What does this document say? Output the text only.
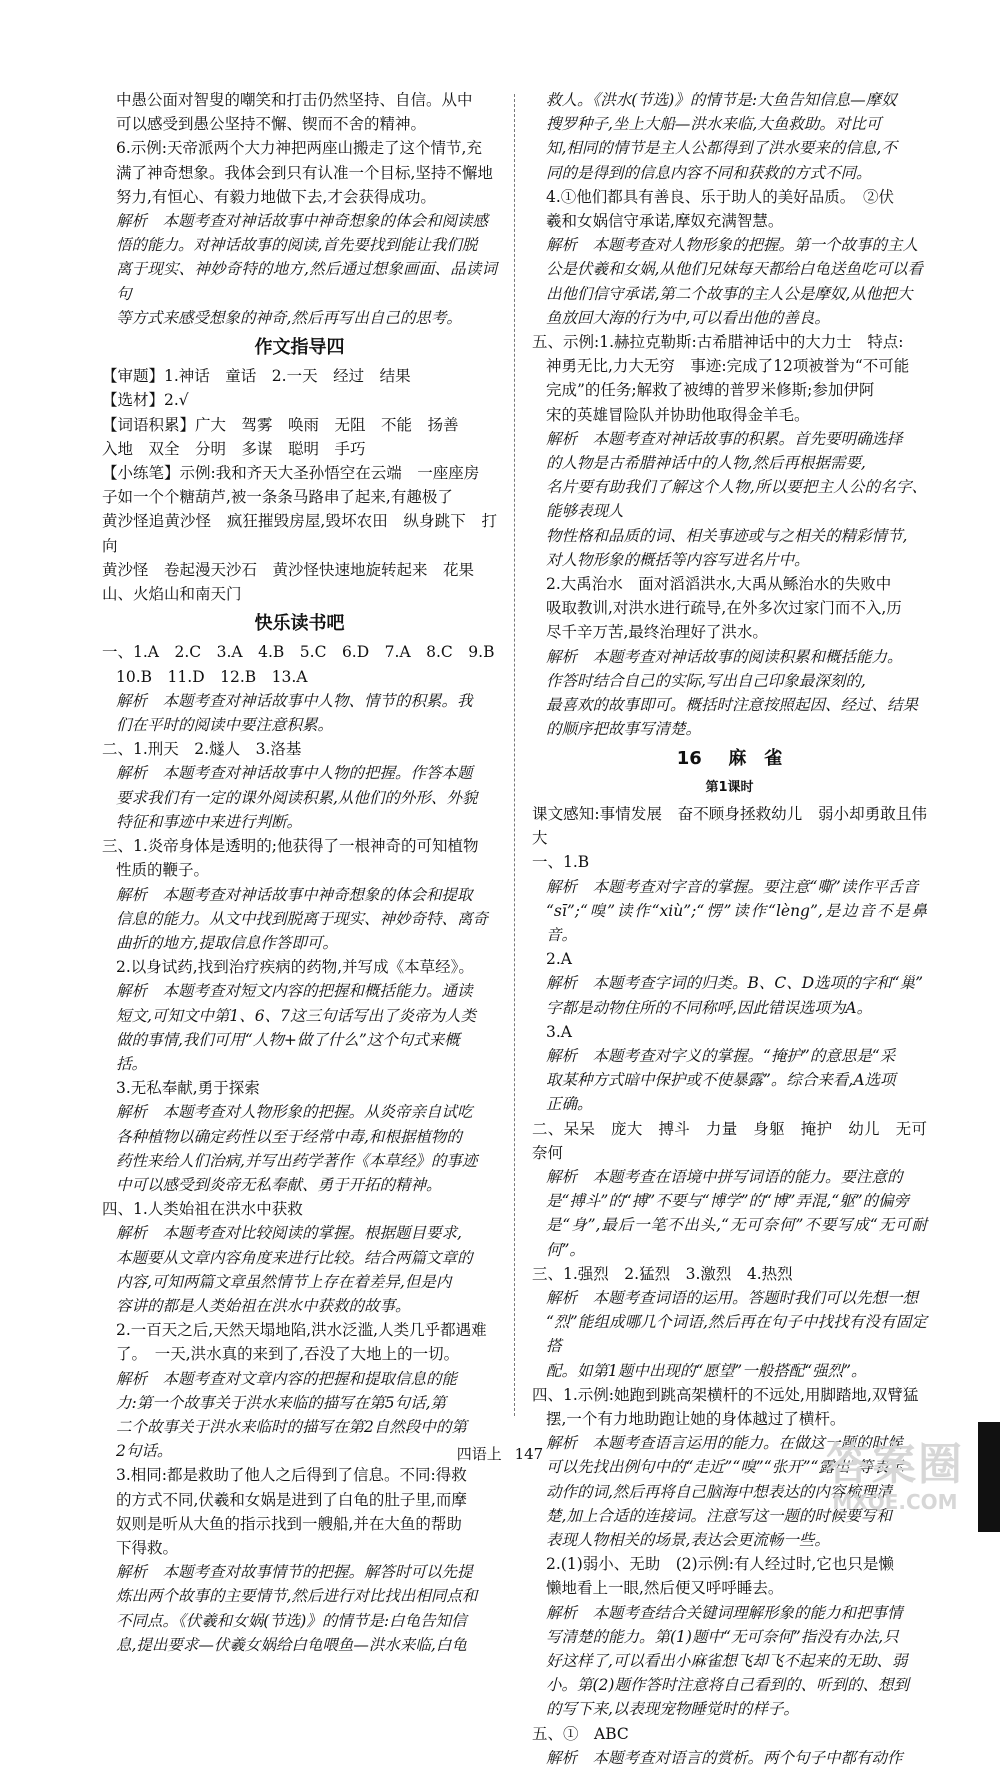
中愚公面对智叟的嘲笑和打击仍然坚持、自信。从中

可以感受到愚公坚持不懈、锲而不舍的精神。

6.示例:天帝派两个大力神把两座山搬走了这个情节,充

满了神奇想象。我体会到只有认准一个目标,坚持不懈地

努力,有恒心、有毅力地做下去,才会获得成功。

解析　本题考查对神话故事中神奇想象的体会和阅读感

悟的能力。对神话故事的阅读,首先要找到能让我们脱

离于现实、神妙奇特的地方,然后通过想象画面、品读词句

等方式来感受想象的神奇,然后再写出自己的思考。

作文指导四

【审题】1.神话　童话　2.一天　经过　结果

【选材】2.√

【词语积累】广大　驾雾　唤雨　无阻　不能　扬善

入地　双全　分明　多谋　聪明　手巧

【小练笔】示例:我和齐天大圣孙悟空在云端　一座座房

子如一个个糖葫芦,被一条条马路串了起来,有趣极了

黄沙怪追黄沙怪　疯狂摧毁房屋,毁坏农田　纵身跳下　打向

黄沙怪　卷起漫天沙石　黄沙怪快速地旋转起来　花果

山、火焰山和南天门

快乐读书吧

一、1.A　2.C　3.A　4.B　5.C　6.D　7.A　8.C　9.B

10.B　11.D　12.B　13.A

解析　本题考查对神话故事中人物、情节的积累。我

们在平时的阅读中要注意积累。

二、1.刑天　2.燧人　3.洛基

解析　本题考查对神话故事中人物的把握。作答本题

要求我们有一定的课外阅读积累,从他们的外形、外貌

特征和事迹中来进行判断。

三、1.炎帝身体是透明的;他获得了一根神奇的可知植物

性质的鞭子。

解析　本题考查对神话故事中神奇想象的体会和提取

信息的能力。从文中找到脱离于现实、神妙奇特、离奇

曲折的地方,提取信息作答即可。

2.以身试药,找到治疗疾病的药物,并写成《本草经》。

解析　本题考查对短文内容的把握和概括能力。通读

短文,可知文中第1、6、7这三句话写出了炎帝为人类

做的事情,我们可用“人物+做了什么”这个句式来概

括。

3.无私奉献,勇于探索

解析　本题考查对人物形象的把握。从炎帝亲自试吃

各种植物以确定药性以至于经常中毒,和根据植物的

药性来给人们治病,并写出药学著作《本草经》的事迹

中可以感受到炎帝无私奉献、勇于开拓的精神。

四、1.人类始祖在洪水中获救

解析　本题考查对比较阅读的掌握。根据题目要求,

本题要从文章内容角度来进行比较。结合两篇文章的

内容,可知两篇文章虽然情节上存在着差异,但是内

容讲的都是人类始祖在洪水中获救的故事。

2.一百天之后,天然天塌地陷,洪水泛滥,人类几乎都遇难

了。　一天,洪水真的来到了,吞没了大地上的一切。

解析　本题考查对文章内容的把握和提取信息的能

力:第一个故事关于洪水来临的描写在第5句话,第

二个故事关于洪水来临时的描写在第2自然段中的第

2句话。

3.相同:都是救助了他人之后得到了信息。不同:得救

的方式不同,伏羲和女娲是进到了白龟的肚子里,而摩

奴则是听从大鱼的指示找到一艘船,并在大鱼的帮助

下得救。

解析　本题考查对故事情节的把握。解答时可以先提

炼出两个故事的主要情节,然后进行对比找出相同点和

不同点。《伏羲和女娲(节选)》的情节是:白龟告知信

息,提出要求—伏羲女娲给白龟喂鱼—洪水来临,白龟

救人。《洪水(节选)》的情节是:大鱼告知信息—摩奴

搜罗种子,坐上大船—洪水来临,大鱼救助。对比可

知,相同的情节是主人公都得到了洪水要来的信息,不

同的是得到的信息内容不同和获救的方式不同。

4.①他们都具有善良、乐于助人的美好品质。　②伏

羲和女娲信守承诺,摩奴充满智慧。

解析　本题考查对人物形象的把握。第一个故事的主人

公是伏羲和女娲,从他们兄妹每天都给白龟送鱼吃可以看

出他们信守承诺,第二个故事的主人公是摩奴,从他把大

鱼放回大海的行为中,可以看出他的善良。

五、示例:1.赫拉克勒斯:古希腊神话中的大力士　特点:

神勇无比,力大无穷　事迹:完成了12项被誉为“不可能

完成”的任务;解救了被缚的普罗米修斯;参加伊阿

宋的英雄冒险队并协助他取得金羊毛。

解析　本题考查对神话故事的积累。首先要明确选择

的人物是古希腊神话中的人物,然后再根据需要,

名片要有助我们了解这个人物,所以要把主人公的名字、能够表现人

物性格和品质的词、相关事迹或与之相关的精彩情节,

对人物形象的概括等内容写进名片中。

2.大禹治水　面对滔滔洪水,大禹从鲧治水的失败中

吸取教训,对洪水进行疏导,在外多次过家门而不入,历

尽千辛万苦,最终治理好了洪水。

解析　本题考查对神话故事的阅读积累和概括能力。

作答时结合自己的实际,写出自己印象最深刻的,

最喜欢的故事即可。概括时注意按照起因、经过、结果

的顺序把故事写清楚。

16 麻　雀
第1课时

课文感知:事情发展　奋不顾身拯救幼儿　弱小却勇敢且伟大

一、1.B

解析　本题考查对字音的掌握。要注意“嘶”读作平舌音

“sī”;“嗅”读作“xiù”;“愣”读作“lèng”,是边音不是鼻音。

2.A

解析　本题考查字词的归类。B、C、D选项的字和“巢”

字都是动物住所的不同称呼,因此错误选项为A。

3.A

解析　本题考查对字义的掌握。“掩护”的意思是“采

取某种方式暗中保护或不使暴露”。综合来看,A选项

正确。

二、呆呆　庞大　搏斗　力量　身躯　掩护　幼儿　无可奈何

解析　本题考查在语境中拼写词语的能力。要注意的

是“搏斗”的“搏”不要与“博学”的“博”弄混,“躯”的偏旁

是“身”,最后一笔不出头,“无可奈何”不要写成“无可耐何”。

三、1.强烈　2.猛烈　3.激烈　4.热烈

解析　本题考查词语的运用。答题时我们可以先想一想

“烈”能组成哪几个词语,然后再在句子中找找有没有固定搭

配。如第1题中出现的“愿望”一般搭配“强烈”。

四、1.示例:她跑到跳高架横杆的不远处,用脚踏地,双臂猛

摆,一个有力地助跑让她的身体越过了横杆。

解析　本题考查语言运用的能力。在做这一题的时候

可以先找出例句中的“走近”“嗅”“张开”“露出”等表示

动作的词,然后再将自己脑海中想表达的内容梳理清

楚,加上合适的连接词。注意写这一题的时候要写和

表现人物相关的场景,表达会更流畅一些。

2.(1)弱小、无助　(2)示例:有人经过时,它也只是懒

懒地看上一眼,然后便又呼呼睡去。

解析　本题考查结合关键词理解形象的能力和把事情

写清楚的能力。第(1)题中“无可奈何”指没有办法,只

好这样了,可以看出小麻雀想飞却飞不起来的无助、弱

小。第(2)题作答时注意将自己看到的、听到的、想到

的写下来,以表现宠物睡觉时的样子。

五、①　ABC

解析　本题考查对语言的赏析。两个句子中都有动作

四语上 147	答案圈
MXQE.COM
